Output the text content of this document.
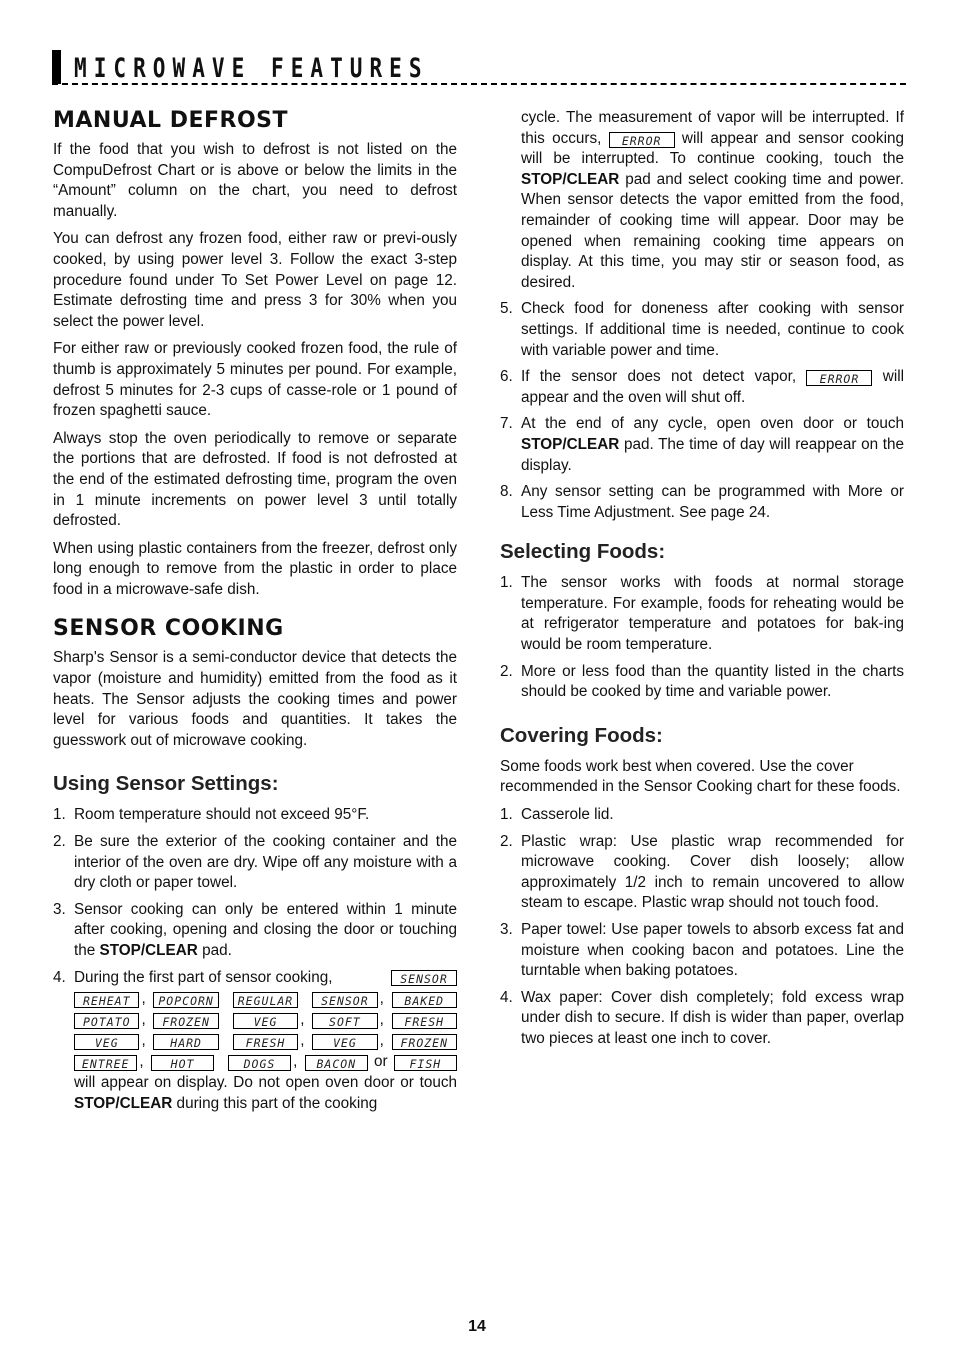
MICROWAVE FEATURES
MANUAL DEFROST

If the food that you wish to defrost is not listed on the CompuDefrost Chart or is above or below the limits in the “Amount” column on the chart, you need to defrost manually.

You can defrost any frozen food, either raw or previ-ously cooked, by using power level 3. Follow the exact 3-step procedure found under To Set Power Level on page 12. Estimate defrosting time and press 3 for 30% when you select the power level.

For either raw or previously cooked frozen food, the rule of thumb is approximately 5 minutes per pound. For example, defrost 5 minutes for 2-3 cups of casse-role or 1 pound of frozen spaghetti sauce.

Always stop the oven periodically to remove or separate the portions that are defrosted. If food is not defrosted at the end of the estimated defrosting time, program the oven in 1 minute increments on power level 3 until totally defrosted.

When using plastic containers from the freezer, defrost only long enough to remove from the plastic in order to place food in a microwave-safe dish.

SENSOR COOKING

Sharp's Sensor is a semi-conductor device that detects the vapor (moisture and humidity) emitted from the food as it heats. The Sensor adjusts the cooking times and power level for various foods and quantities. It takes the guesswork out of microwave cooking.

Using Sensor Settings:
1. Room temperature should not exceed 95°F.
2. Be sure the exterior of the cooking container and the interior of the oven are dry. Wipe off any moisture with a dry cloth or paper towel.
3. Sensor cooking can only be entered within 1 minute after cooking, opening and closing the door or touching the STOP/CLEAR pad.
4. During the first part of sensor cooking,	SENSOR
REHEAT ,	POPCORN	REGULAR	SENSOR ,	BAKED
POTATO ,	FROZEN	VEG	,	SOFT	,	FRESH
VEG	,	HARD	FRESH ,	VEG	,	FROZEN
ENTREE ,	HOT	DOGS	,	BACON	or	FISH
will appear on display. Do not open oven door or touch STOP/CLEAR during this part of the cooking
cycle. The measurement of vapor will be interrupted. If this occurs, ERROR will appear and sensor cooking will be interrupted. To continue cooking, touch the STOP/CLEAR pad and select cooking time and power. When sensor detects the vapor emitted from the food, remainder of cooking time will appear. Door may be opened when remaining cooking time appears on display. At this time, you may stir or season food, as desired.
5. Check food for doneness after cooking with sensor settings. If additional time is needed, continue to cook with variable power and time.
6. If the sensor does not detect vapor, ERROR will appear and the oven will shut off.
7. At the end of any cycle, open oven door or touch STOP/CLEAR pad. The time of day will reappear on the display.
8. Any sensor setting can be programmed with More or Less Time Adjustment. See page 24.
Selecting Foods:
1. The sensor works with foods at normal storage temperature. For example, foods for reheating would be at refrigerator temperature and potatoes for bak-ing would be room temperature.
2. More or less food than the quantity listed in the charts should be cooked by time and variable power.
Covering Foods:

Some foods work best when covered. Use the cover recommended in the Sensor Cooking chart for these foods.

1. Casserole lid.
2. Plastic wrap: Use plastic wrap recommended for microwave cooking. Cover dish loosely; allow approximately 1/2 inch to remain uncovered to allow steam to escape. Plastic wrap should not touch food.
3. Paper towel: Use paper towels to absorb excess fat and moisture when cooking bacon and potatoes. Line the turntable when baking potatoes.
4. Wax paper: Cover dish completely; fold excess wrap under dish to secure. If dish is wider than paper, overlap two pieces at least one inch to cover.
14
